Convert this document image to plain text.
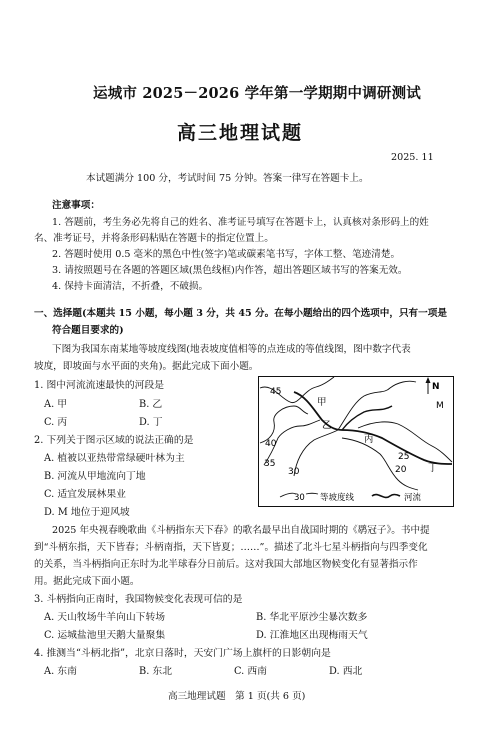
运城市 2025－2026 学年第一学期期中调研测试
高三地理试题
2025. 11
本试题满分 100 分，考试时间 75 分钟。答案一律写在答题卡上。
注意事项：
1. 答题前，考生务必先将自己的姓名、准考证号填写在答题卡上，认真核对条形码上的姓
名、准考证号，并将条形码粘贴在答题卡的指定位置上。
2. 答题时使用 0.5 毫米的黑色中性(签字)笔或碳素笔书写，字体工整、笔迹清楚。
3. 请按照题号在各题的答题区域(黑色线框)内作答，超出答题区域书写的答案无效。
4. 保持卡面清洁，不折叠，不破损。
一、选择题(本题共 15 小题，每小题 3 分，共 45 分。在每小题给出的四个选项中，只有一项是
符合题目要求的)
下图为我国东南某地等坡度线图(地表坡度值相等的点连成的等值线图，图中数字代表
坡度，即坡面与水平面的夹角)。据此完成下面小题。
1. 图中河流流速最快的河段是
A. 甲	B. 乙
C. 丙	D. 丁
2. 下列关于图示区域的说法正确的是
A. 植被以亚热带常绿硬叶林为主
B. 河流从甲地流向丁地
C. 适宜发展林果业
D. M 地位于迎风坡
N
M
甲
乙
丙
丁
45
40
35
30
25
20
30 等坡度线	河流
2025 年央视春晚歌曲《斗柄指东天下春》的歌名最早出自战国时期的《鹖冠子》。书中提
到“斗柄东指，天下皆春；斗柄南指，天下皆夏；……”。描述了北斗七星斗柄指向与四季变化
的关系，当斗柄指向正东时为北半球春分日前后。这对我国大部地区物候变化有显著指示作
用。据此完成下面小题。
3. 斗柄指向正南时，我国物候变化表现可信的是
A. 天山牧场牛羊向山下转场	B. 华北平原沙尘暴次数多
C. 运城盐池里天鹅大量聚集	D. 江淮地区出现梅雨天气
4. 推测当“斗柄北指”，北京日落时，天安门广场上旗杆的日影朝向是
A. 东南	B. 东北	C. 西南	D. 西北
高三地理试题　第 1 页(共 6 页)
